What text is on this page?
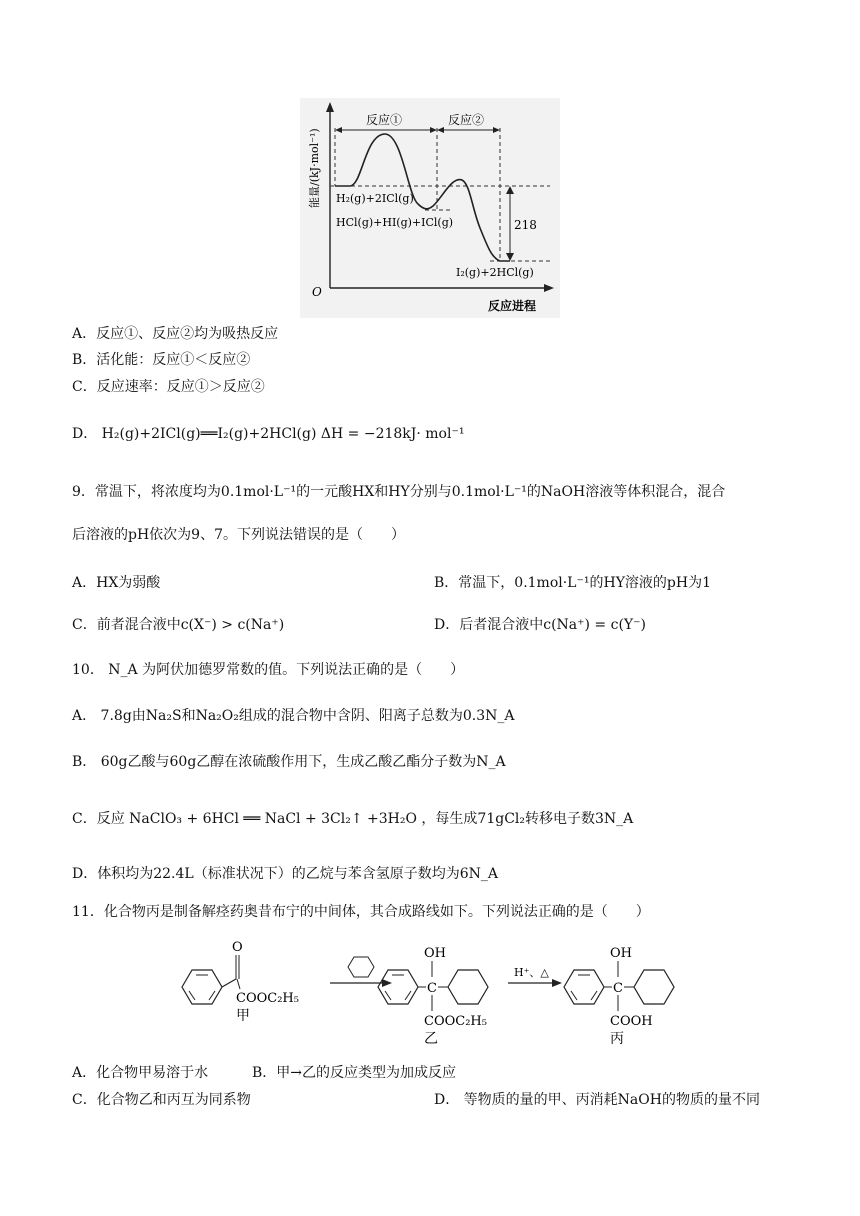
O
能量/(kJ·mol⁻¹)
反应进程
反应①	反应②
218
H₂(g)+2ICl(g)
HCl(g)+HI(g)+ICl(g)
I₂(g)+2HCl(g)
A．反应①、反应②均为吸热反应
B．活化能：反应①＜反应②
C．反应速率：反应①＞反应②
D． H₂(g)+2ICl(g)══I₂(g)+2HCl(g) ΔH = −218kJ· mol⁻¹
9．常温下，将浓度均为0.1mol·L⁻¹的一元酸HX和HY分别与0.1mol·L⁻¹的NaOH溶液等体积混合，混合
后溶液的pH依次为9、7。下列说法错误的是（　　）
A．HX为弱酸	B．常温下，0.1mol·L⁻¹的HY溶液的pH为1
C．前者混合液中c(X⁻) > c(Na⁺)	D．后者混合液中c(Na⁺) = c(Y⁻)
10． N_A 为阿伏加德罗常数的值。下列说法正确的是（　　）
A． 7.8g由Na₂S和Na₂O₂组成的混合物中含阴、阳离子总数为0.3N_A
B． 60g乙酸与60g乙醇在浓硫酸作用下，生成乙酸乙酯分子数为N_A
C．反应 NaClO₃ + 6HCl ══ NaCl + 3Cl₂↑ +3H₂O ，每生成71gCl₂转移电子数3N_A
D．体积均为22.4L（标准状况下）的乙烷与苯含氢原子数均为6N_A
11．化合物丙是制备解痉药奥昔布宁的中间体，其合成路线如下。下列说法正确的是（　　）
O
COOC₂H₅
甲
C
OH
COOC₂H₅
乙
H⁺、△
C
OH
COOH
丙
A．化合物甲易溶于水	B．甲→乙的反应类型为加成反应
C．化合物乙和丙互为同系物	D． 等物质的量的甲、丙消耗NaOH的物质的量不同
